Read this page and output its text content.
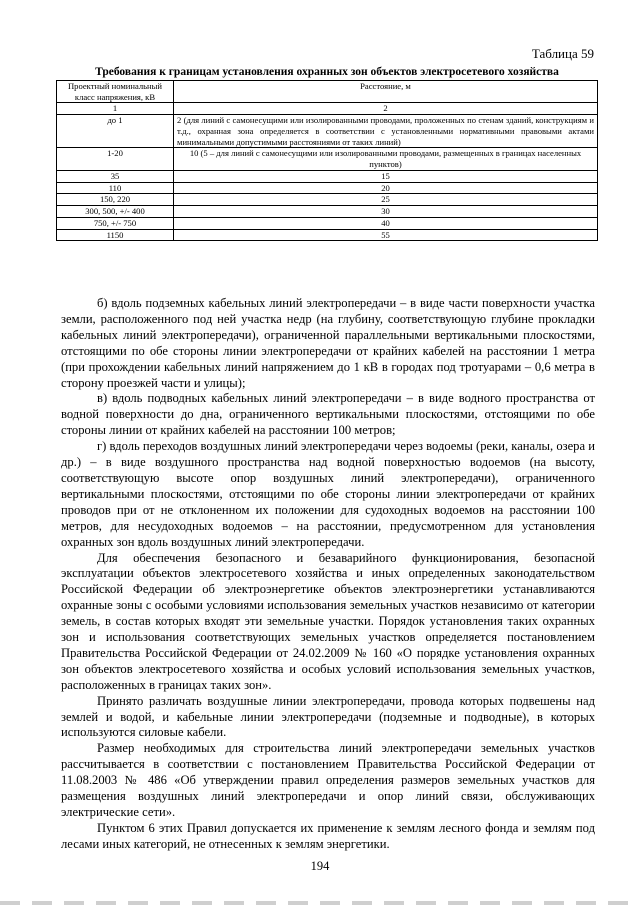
Таблица 59
Требования к границам установления охранных зон объектов электросетевого хозяйства
Проектный номинальный класс напряжения, кВ	Расстояние, м
1	2
до 1	2 (для линий с самонесущими или изолированными проводами, проложенных по стенам зданий, конструкциям и т.д., охранная зона определяется в соответствии с установленными нормативными правовыми актами минимальными допустимыми расстояниями от таких линий)
1-20	10 (5 – для линий с самонесущими или изолированными проводами, размещенных в границах населенных пунктов)
35	15
110	20
150, 220	25
300, 500, +/- 400	30
750, +/- 750	40
1150	55

б) вдоль подземных кабельных линий электропередачи – в виде части поверхности участка земли, расположенного под ней участка недр (на глубину, соответствующую глубине прокладки кабельных линий электропередачи), ограниченной параллельными вертикальными плоскостями, отстоящими по обе стороны линии электропередачи от крайних кабелей на расстоянии 1 метра (при прохождении кабельных линий напряжением до 1 кВ в городах под тротуарами – 0,6 метра в сторону проезжей части и улицы);

в) вдоль подводных кабельных линий электропередачи – в виде водного пространства от водной поверхности до дна, ограниченного вертикальными плоскостями, отстоящими по обе стороны линии от крайних кабелей на расстоянии 100 метров;

г) вдоль переходов воздушных линий электропередачи через водоемы (реки, каналы, озера и др.) – в виде воздушного пространства над водной поверхностью водоемов (на высоту, соответствующую высоте опор воздушных линий электропередачи), ограниченного вертикальными плоскостями, отстоящими по обе стороны линии электропередачи от крайних проводов при от не отклоненном их положении для судоходных водоемов на расстоянии 100 метров, для несудоходных водоемов – на расстоянии, предусмотренном для установления охранных зон вдоль воздушных линий электропередачи.

Для обеспечения безопасного и безаварийного функционирования, безопасной эксплуатации объектов электросетевого хозяйства и иных определенных законодательством Российской Федерации об электроэнергетике объектов электроэнергетики устанавливаются охранные зоны с особыми условиями использования земельных участков независимо от категории земель, в состав которых входят эти земельные участки. Порядок установления таких охранных зон и использования соответствующих земельных участков определяется постановлением Правительства Российской Федерации от 24.02.2009 № 160 «О порядке установления охранных зон объектов электросетевого хозяйства и особых условий использования земельных участков, расположенных в границах таких зон».

Принято различать воздушные линии электропередачи, провода которых подвешены над землей и водой, и кабельные линии электропередачи (подземные и подводные), в которых используются силовые кабели.

Размер необходимых для строительства линий электропередачи земельных участков рассчитывается в соответствии с постановлением Правительства Российской Федерации от 11.08.2003 № 486 «Об утверждении правил определения размеров земельных участков для размещения воздушных линий электропередачи и опор линий связи, обслуживающих электрические сети».

Пунктом 6 этих Правил допускается их применение к землям лесного фонда и землям под лесами иных категорий, не отнесенных к землям энергетики.

194
